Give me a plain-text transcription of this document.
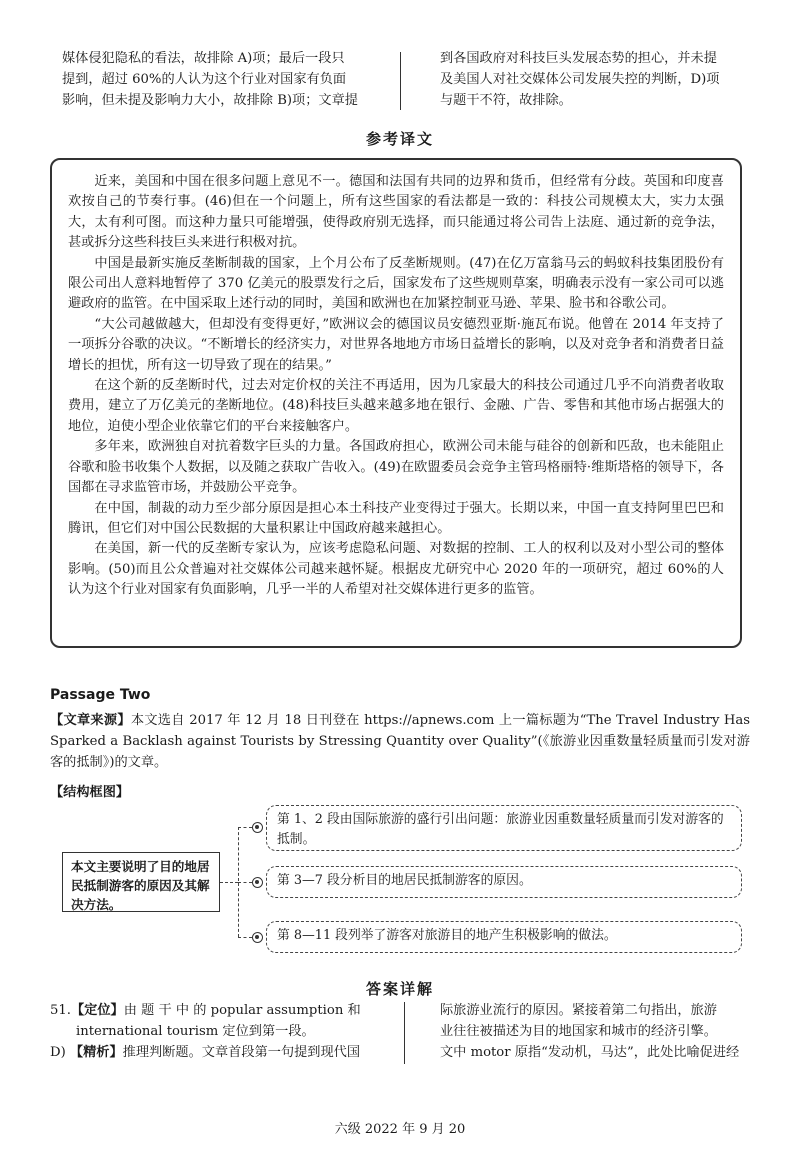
媒体侵犯隐私的看法，故排除 A)项；最后一段只
提到，超过 60%的人认为这个行业对国家有负面
影响，但未提及影响力大小，故排除 B)项；文章提
到各国政府对科技巨头发展态势的担心，并未提
及美国人对社交媒体公司发展失控的判断，D)项
与题干不符，故排除。
参考译文

近来，美国和中国在很多问题上意见不一。德国和法国有共同的边界和货币，但经常有分歧。英国和印度喜欢按自己的节奏行事。(46)但在一个问题上，所有这些国家的看法都是一致的：科技公司规模太大，实力太强大，太有利可图。而这种力量只可能增强，使得政府别无选择，而只能通过将公司告上法庭、通过新的竞争法，甚或拆分这些科技巨头来进行积极对抗。

中国是最新实施反垄断制裁的国家，上个月公布了反垄断规则。(47)在亿万富翁马云的蚂蚁科技集团股份有限公司出人意料地暂停了 370 亿美元的股票发行之后，国家发布了这些规则草案，明确表示没有一家公司可以逃避政府的监管。在中国采取上述行动的同时，美国和欧洲也在加紧控制亚马逊、苹果、脸书和谷歌公司。

“大公司越做越大，但却没有变得更好，”欧洲议会的德国议员安德烈亚斯·施瓦布说。他曾在 2014 年支持了一项拆分谷歌的决议。“不断增长的经济实力，对世界各地地方市场日益增长的影响，以及对竞争者和消费者日益增长的担忧，所有这一切导致了现在的结果。”

在这个新的反垄断时代，过去对定价权的关注不再适用，因为几家最大的科技公司通过几乎不向消费者收取费用，建立了万亿美元的垄断地位。(48)科技巨头越来越多地在银行、金融、广告、零售和其他市场占据强大的地位，迫使小型企业依靠它们的平台来接触客户。

多年来，欧洲独自对抗着数字巨头的力量。各国政府担心，欧洲公司未能与硅谷的创新和匹敌，也未能阻止谷歌和脸书收集个人数据，以及随之获取广告收入。(49)在欧盟委员会竞争主管玛格丽特·维斯塔格的领导下，各国都在寻求监管市场，并鼓励公平竞争。

在中国，制裁的动力至少部分原因是担心本土科技产业变得过于强大。长期以来，中国一直支持阿里巴巴和腾讯，但它们对中国公民数据的大量积累让中国政府越来越担心。

在美国，新一代的反垄断专家认为，应该考虑隐私问题、对数据的控制、工人的权利以及对小型公司的整体影响。(50)而且公众普遍对社交媒体公司越来越怀疑。根据皮尤研究中心 2020 年的一项研究，超过 60%的人认为这个行业对国家有负面影响，几乎一半的人希望对社交媒体进行更多的监管。

Passage Two
【文章来源】本文选自 2017 年 12 月 18 日刊登在 https://apnews.com 上一篇标题为“The Travel Industry Has Sparked a Backlash against Tourists by Stressing Quantity over Quality”(《旅游业因重数量轻质量而引发对游客的抵制》)的文章。
【结构框图】
本文主要说明了目的地居民抵制游客的原因及其解决方法。
第 1、2 段由国际旅游的盛行引出问题：旅游业因重数量轻质量而引发对游客的抵制。
第 3—7 段分析目的地居民抵制游客的原因。
第 8—11 段列举了游客对旅游目的地产生积极影响的做法。
答案详解
51.【定位】由 题 干 中 的 popular assumption 和
international tourism 定位到第一段。
D) 【精析】推理判断题。文章首段第一句提到现代国
际旅游业流行的原因。紧接着第二句指出，旅游
业往往被描述为目的地国家和城市的经济引擎。
文中 motor 原指“发动机，马达”，此处比喻促进经
六级 2022 年 9 月 20
